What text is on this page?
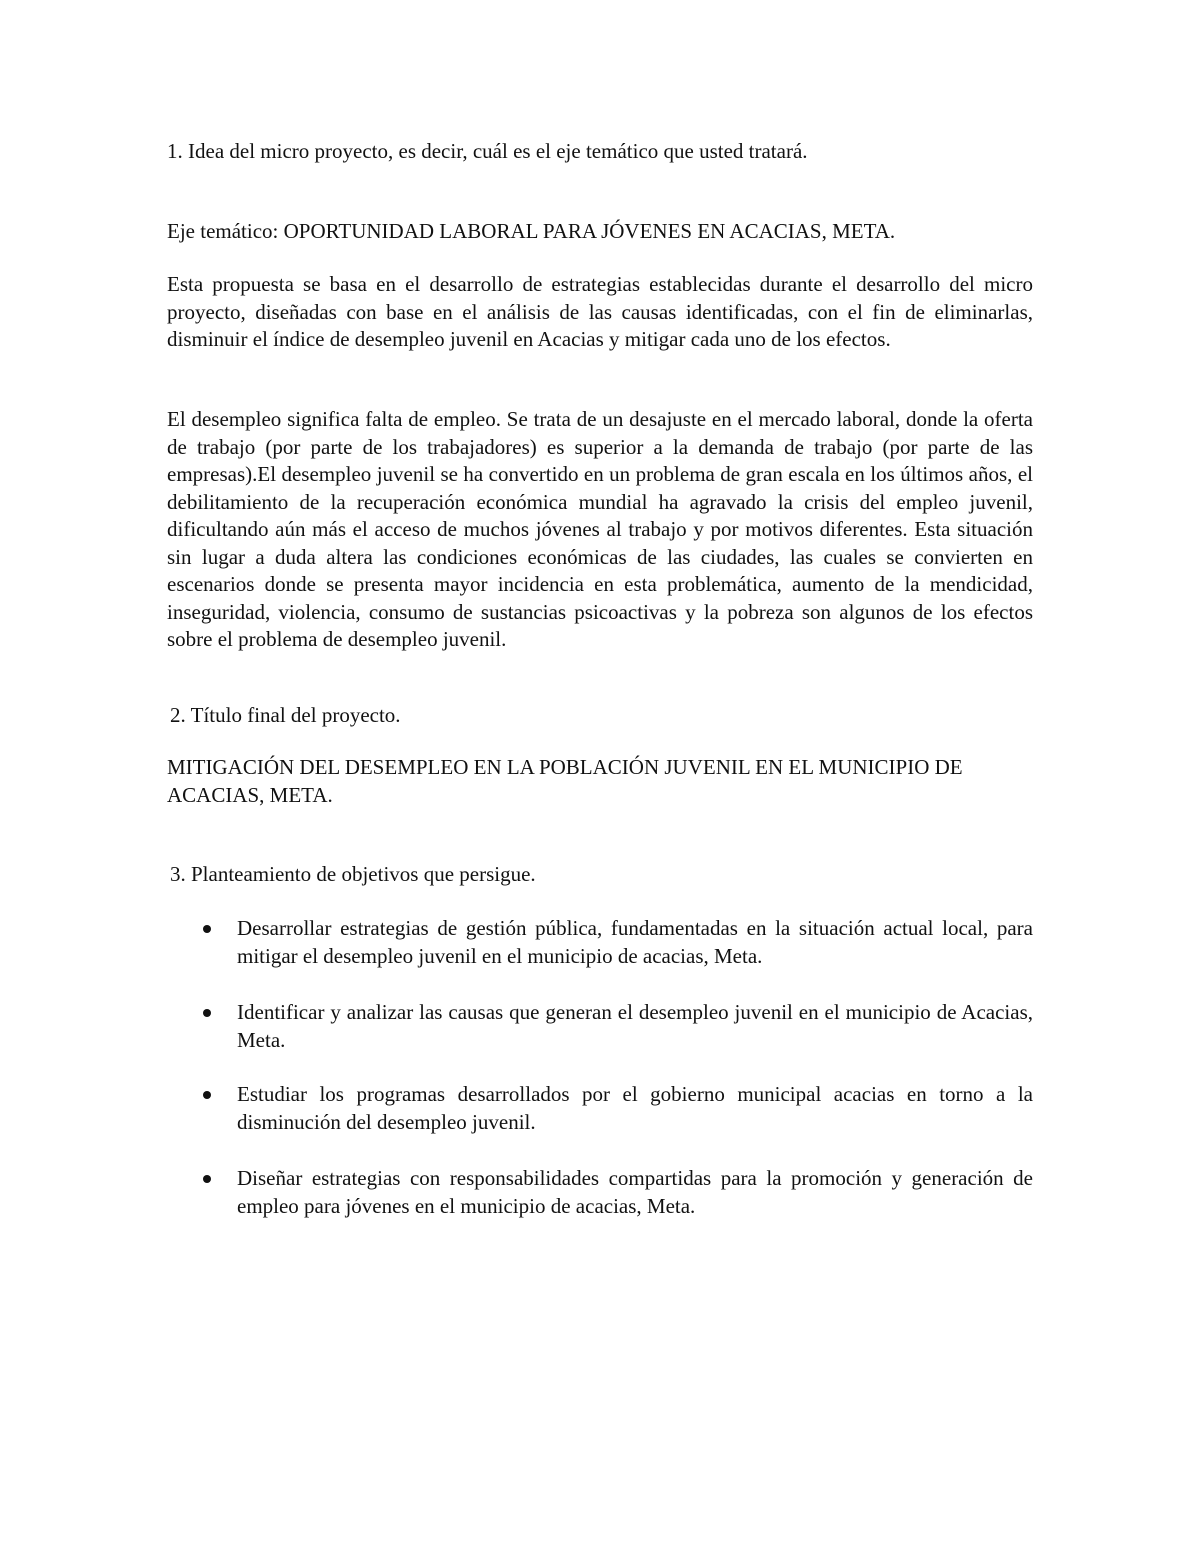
1. Idea del micro proyecto, es decir, cuál es el eje temático que usted tratará.

Eje temático: OPORTUNIDAD LABORAL PARA JÓVENES EN ACACIAS, META.

Esta propuesta se basa en el desarrollo de estrategias establecidas durante el desarrollo del micro proyecto, diseñadas con base en el análisis de las causas identificadas, con el fin de eliminarlas, disminuir el índice de desempleo juvenil en Acacias y mitigar cada uno de los efectos.

El desempleo significa falta de empleo. Se trata de un desajuste en el mercado laboral, donde la oferta de trabajo (por parte de los trabajadores) es superior a la demanda de trabajo (por parte de las empresas).El desempleo juvenil se ha convertido en un problema de gran escala en los últimos años, el debilitamiento de la recuperación económica mundial ha agravado la crisis del empleo juvenil, dificultando aún más el acceso de muchos jóvenes al trabajo y por motivos diferentes. Esta situación sin lugar a duda altera las condiciones económicas de las ciudades, las cuales se convierten en escenarios donde se presenta mayor incidencia en esta problemática, aumento de la mendicidad, inseguridad, violencia, consumo de sustancias psicoactivas y la pobreza son algunos de los efectos sobre el problema de desempleo juvenil.

2. Título final del proyecto.

MITIGACIÓN DEL DESEMPLEO EN LA POBLACIÓN JUVENIL EN EL MUNICIPIO DE ACACIAS, META.

3. Planteamiento de objetivos que persigue.

Desarrollar estrategias de gestión pública, fundamentadas en la situación actual local, para mitigar el desempleo juvenil en el municipio de acacias, Meta.

Identificar y analizar las causas que generan el desempleo juvenil en el municipio de Acacias, Meta.

Estudiar los programas desarrollados por el gobierno municipal acacias en torno a la disminución del desempleo juvenil.

Diseñar estrategias con responsabilidades compartidas para la promoción y generación de empleo para jóvenes en el municipio de acacias, Meta.
